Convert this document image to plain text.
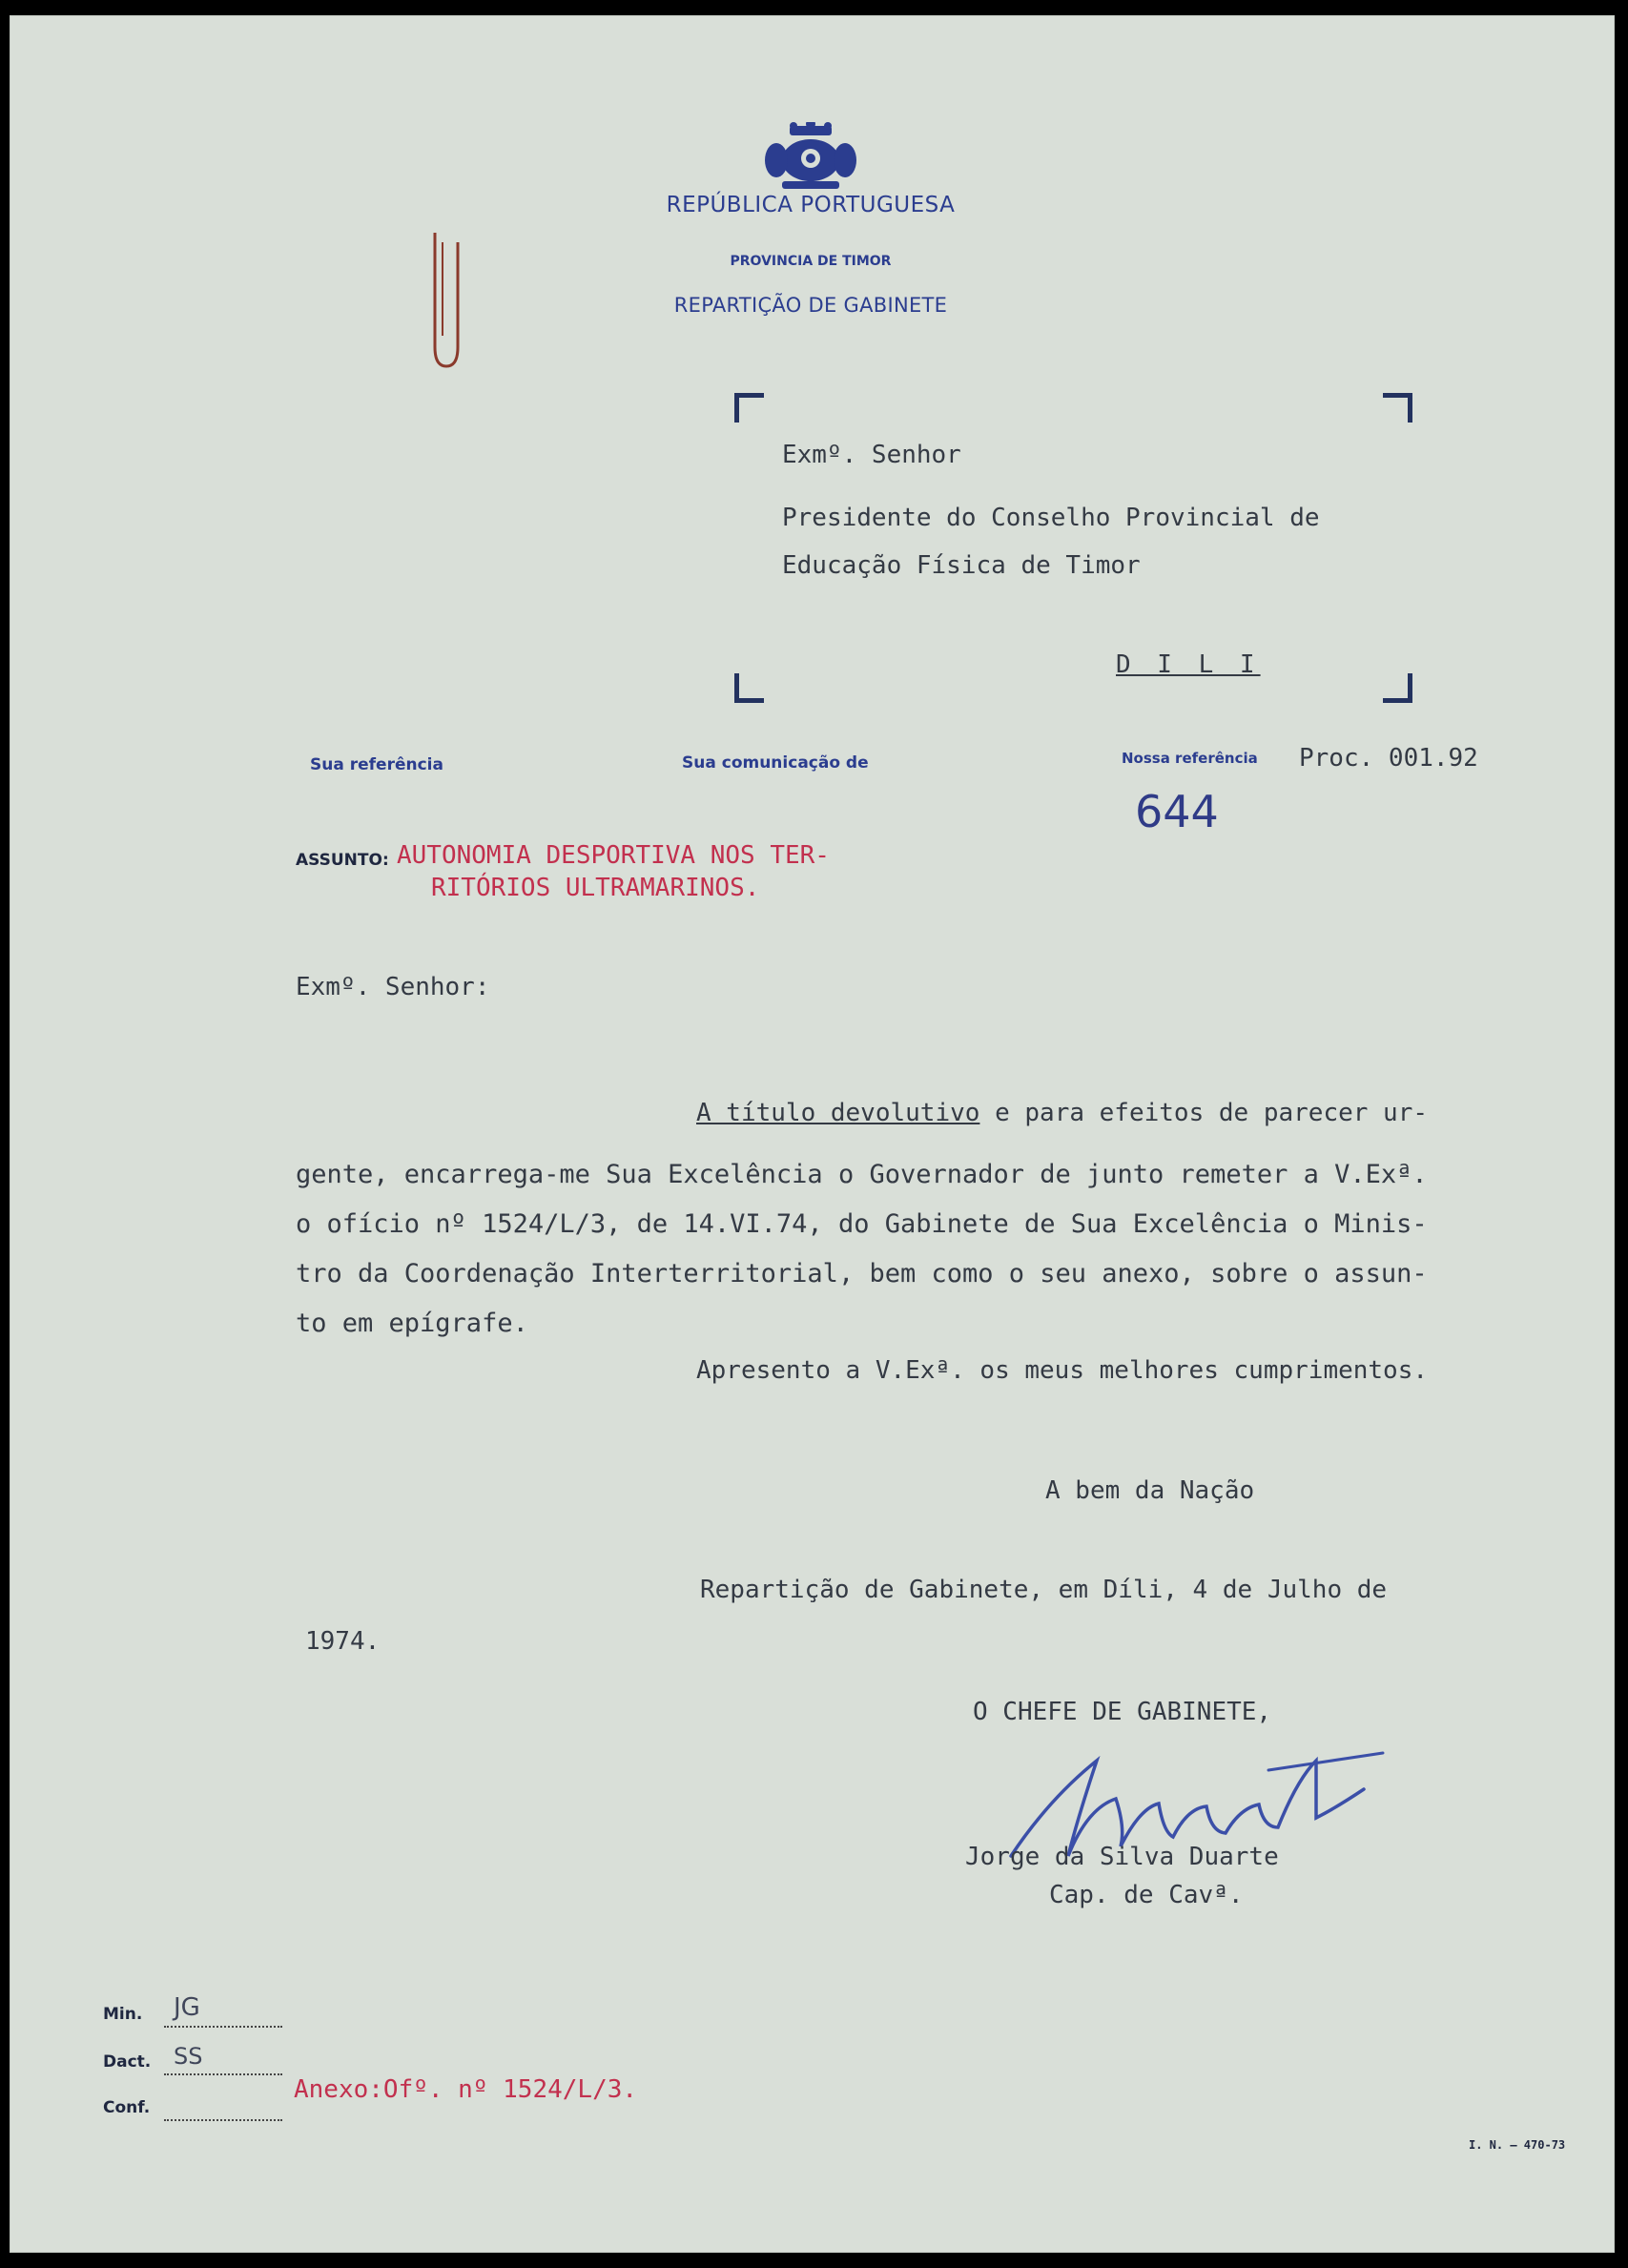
REPÚBLICA PORTUGUESA
PROVINCIA DE TIMOR
REPARTIÇÃO DE GABINETE
Exmº. Senhor
Presidente do Conselho Provincial de
Educação Física de Timor
D I L I
Sua referência	Sua comunicação de	Nossa referência Proc. 001.92
644
ASSUNTO: AUTONOMIA DESPORTIVA NOS TER-
RITÓRIOS ULTRAMARINOS.
Exmº. Senhor:
A título devolutivo e para efeitos de parecer ur-
gente, encarrega-me Sua Excelência o Governador de junto remeter a V.Exª.
o ofício nº 1524/L/3, de 14.VI.74, do Gabinete de Sua Excelência o Minis-
tro da Coordenação Interterritorial, bem como o seu anexo, sobre o assun-
to em epígrafe.
Apresento a V.Exª. os meus melhores cumprimentos.
A bem da Nação
Repartição de Gabinete, em Díli, 4 de Julho de
1974.
O CHEFE DE GABINETE,
Jorge da Silva Duarte
Cap. de Cavª.
Min. JG
Dact. SS
Conf.
Anexo:Ofº. nº 1524/L/3.
I. N. — 470-73
